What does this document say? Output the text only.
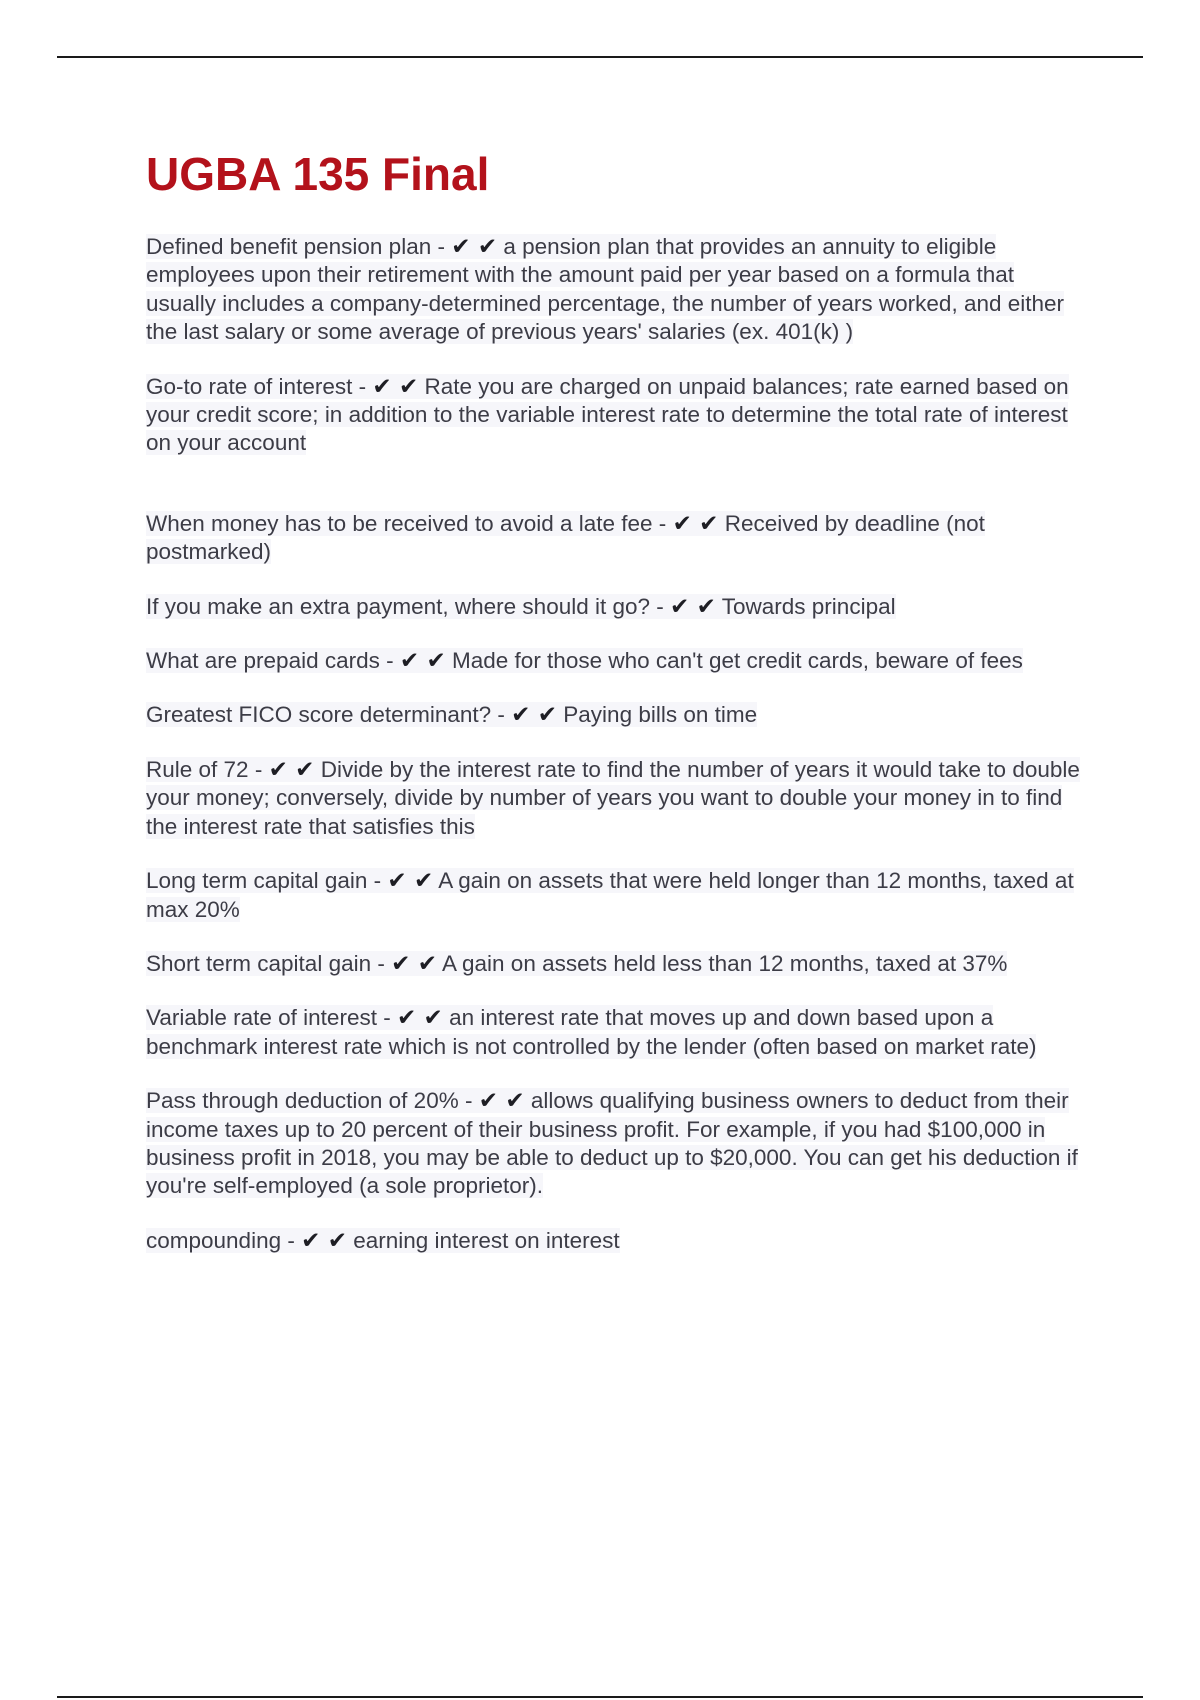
UGBA 135 Final
Defined benefit pension plan - ✔ ✔ a pension plan that provides an annuity to eligible employees upon their retirement with the amount paid per year based on a formula that usually includes a company-determined percentage, the number of years worked, and either the last salary or some average of previous years' salaries (ex. 401(k) )
Go-to rate of interest - ✔ ✔ Rate you are charged on unpaid balances; rate earned based on your credit score; in addition to the variable interest rate to determine the total rate of interest on your account
When money has to be received to avoid a late fee - ✔ ✔ Received by deadline (not postmarked)
If you make an extra payment, where should it go? - ✔ ✔ Towards principal
What are prepaid cards - ✔ ✔ Made for those who can't get credit cards, beware of fees
Greatest FICO score determinant? - ✔ ✔ Paying bills on time
Rule of 72 - ✔ ✔ Divide by the interest rate to find the number of years it would take to double your money; conversely, divide by number of years you want to double your money in to find the interest rate that satisfies this
Long term capital gain - ✔ ✔ A gain on assets that were held longer than 12 months, taxed at max 20%
Short term capital gain - ✔ ✔ A gain on assets held less than 12 months, taxed at 37%
Variable rate of interest - ✔ ✔ an interest rate that moves up and down based upon a benchmark interest rate which is not controlled by the lender (often based on market rate)
Pass through deduction of 20% - ✔ ✔ allows qualifying business owners to deduct from their income taxes up to 20 percent of their business profit. For example, if you had $100,000 in business profit in 2018, you may be able to deduct up to $20,000. You can get his deduction if you're self-employed (a sole proprietor).
compounding - ✔ ✔ earning interest on interest
